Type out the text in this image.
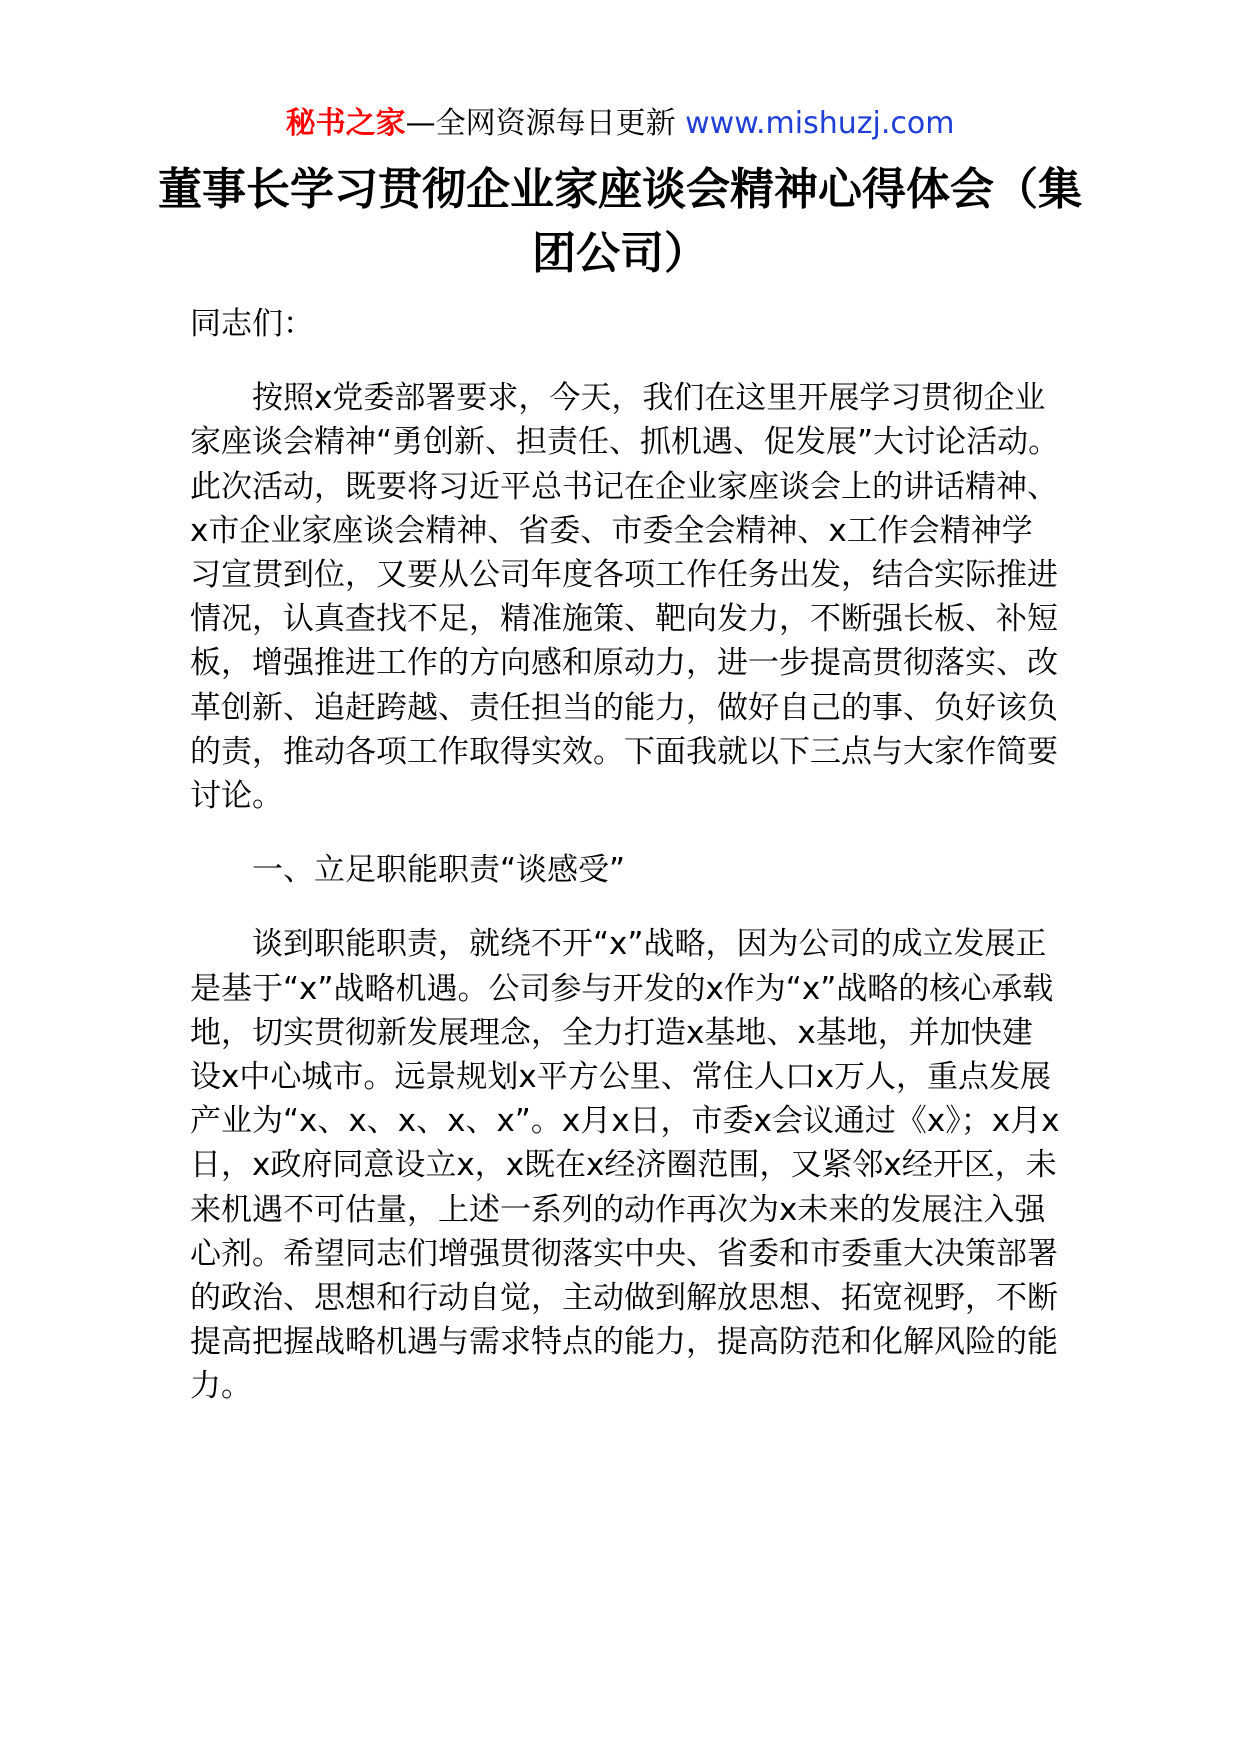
秘书之家—全网资源每日更新 www.mishuzj.com
董事长学习贯彻企业家座谈会精神心得体会（集团公司）

同志们：

按照x党委部署要求，今天，我们在这里开展学习贯彻企业家座谈会精神“勇创新、担责任、抓机遇、促发展”大讨论活动。此次活动，既要将习近平总书记在企业家座谈会上的讲话精神、x市企业家座谈会精神、省委、市委全会精神、x工作会精神学习宣贯到位，又要从公司年度各项工作任务出发，结合实际推进情况，认真查找不足，精准施策、靶向发力，不断强长板、补短板，增强推进工作的方向感和原动力，进一步提高贯彻落实、改革创新、追赶跨越、责任担当的能力，做好自己的事、负好该负的责，推动各项工作取得实效。下面我就以下三点与大家作简要讨论。

一、立足职能职责“谈感受”

谈到职能职责，就绕不开“x”战略，因为公司的成立发展正是基于“x”战略机遇。公司参与开发的x作为“x”战略的核心承载地，切实贯彻新发展理念，全力打造x基地、x基地，并加快建设x中心城市。远景规划x平方公里、常住人口x万人，重点发展产业为“x、x、x、x、x”。x月x日，市委x会议通过《x》；x月x日，x政府同意设立x，x既在x经济圈范围，又紧邻x经开区，未来机遇不可估量，上述一系列的动作再次为x未来的发展注入强心剂。希望同志们增强贯彻落实中央、省委和市委重大决策部署的政治、思想和行动自觉，主动做到解放思想、拓宽视野，不断提高把握战略机遇与需求特点的能力，提高防范和化解风险的能力。
